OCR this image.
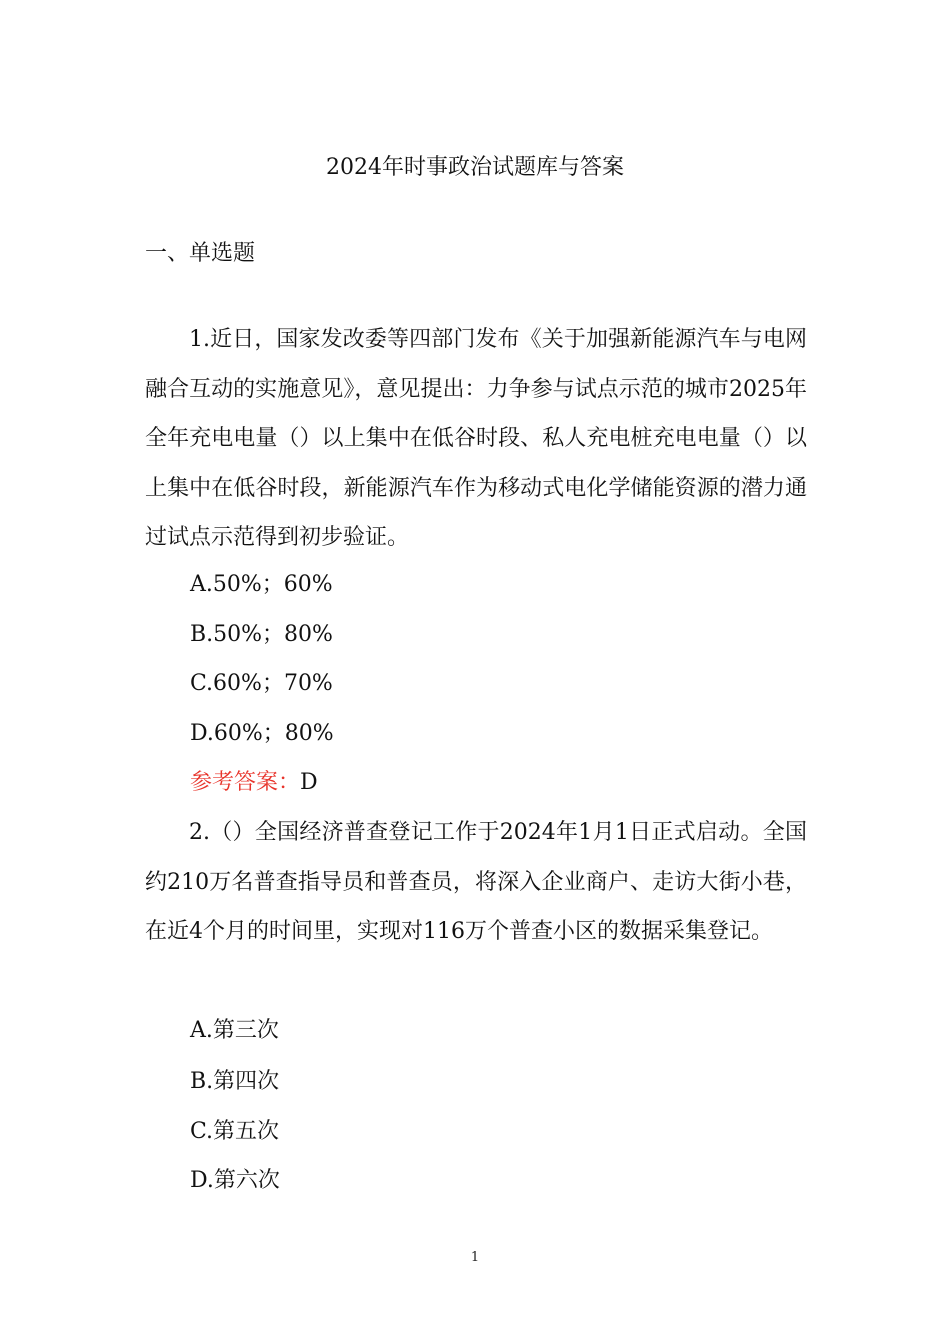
2024年时事政治试题库与答案
一、单选题

1.近日，国家发改委等四部门发布《关于加强新能源汽车与电网融合互动的实施意见》，意见提出：力争参与试点示范的城市2025年全年充电电量（）以上集中在低谷时段、私人充电桩充电电量（）以上集中在低谷时段，新能源汽车作为移动式电化学储能资源的潜力通过试点示范得到初步验证。

A.50%；60%
B.50%；80%
C.60%；70%
D.60%；80%
参考答案：D

2.（）全国经济普查登记工作于2024年1月1日正式启动。全国约210万名普查指导员和普查员，将深入企业商户、走访大街小巷，在近4个月的时间里，实现对116万个普查小区的数据采集登记。

A.第三次
B.第四次
C.第五次
D.第六次
1
